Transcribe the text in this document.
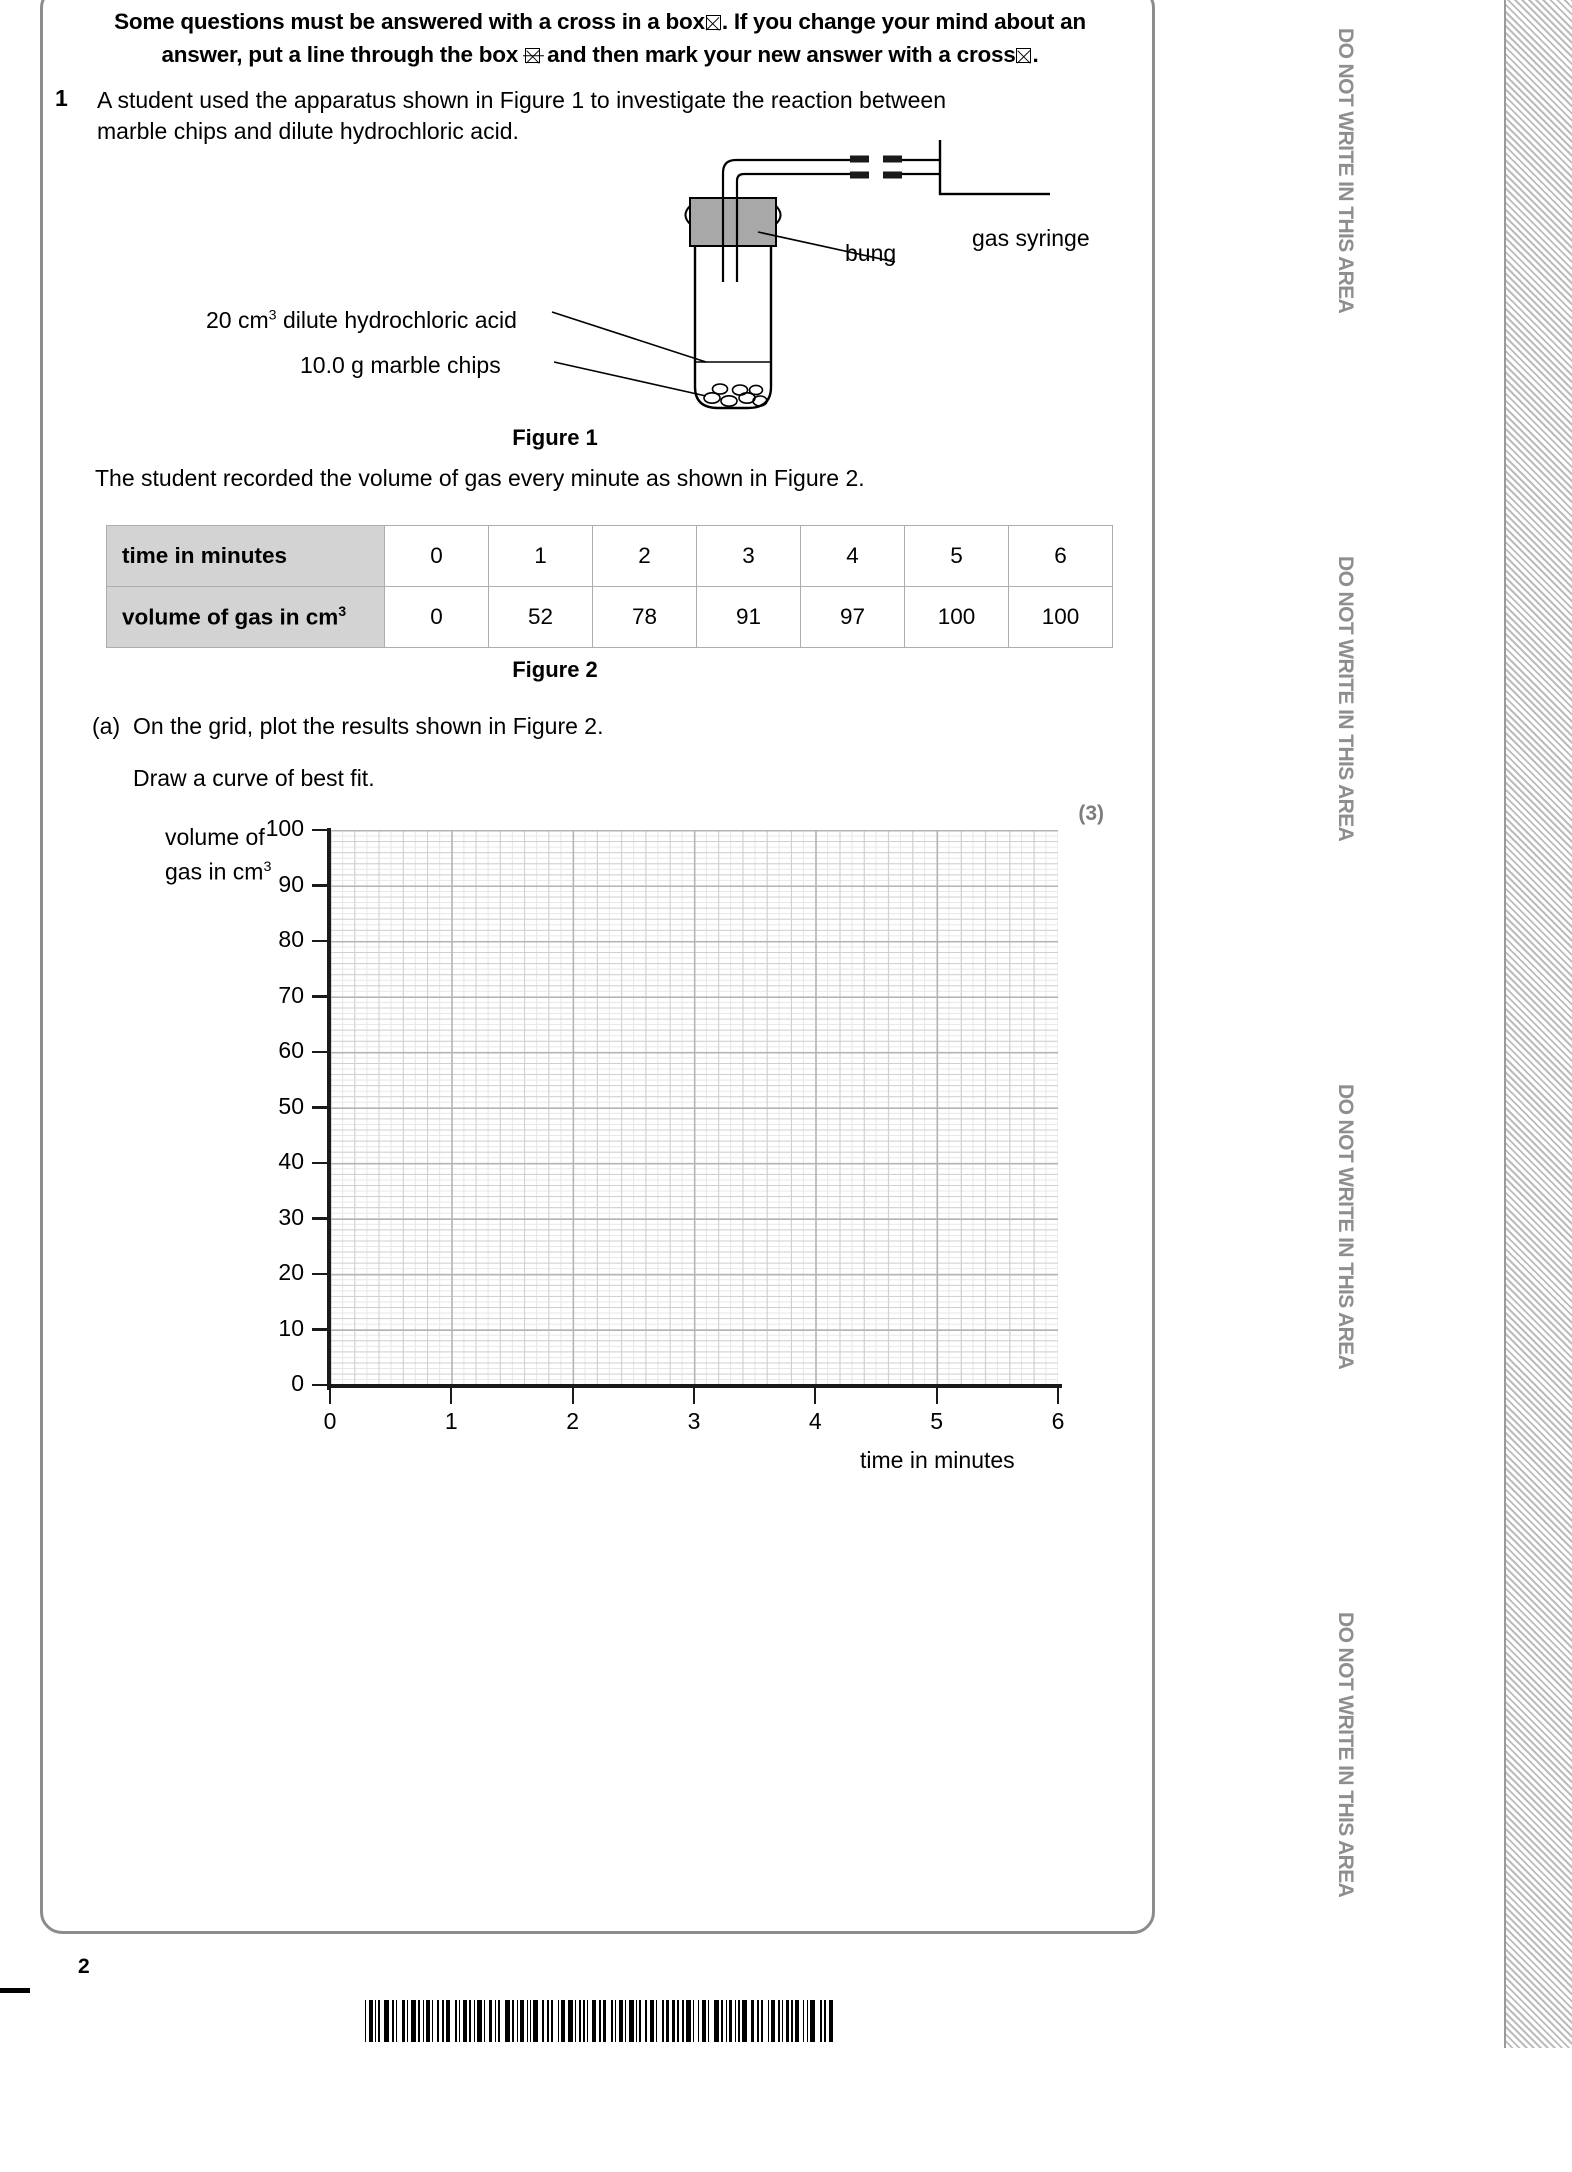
Some questions must be answered with a cross in a box☒. If you change your mind about an
answer, put a line through the box and then mark your new answer with a cross☒.
1 A student used the apparatus shown in Figure 1 to investigate the reaction between marble chips and dilute hydrochloric acid.
bung
gas syringe
20 $cm^3$ dilute hydrochloric acid
10.0 g marble chips
Figure 1
The student recorded the volume of gas every minute as shown in Figure 2.
time in minutes	0	1	2	3	4	5	6
volume of gas in $cm^3$	0	52	78	91	97	100	100
Figure 2
(a) On the grid, plot the results shown in Figure 2.
Draw a curve of best fit.
(3)
volume of
gas in $cm^3$
100
90
80
70
60
50
40
30
20
10
0
0	1	2	3	4	5	6
time in minutes
DO NOT WRITE IN THIS AREA
DO NOT WRITE IN THIS AREA
DO NOT WRITE IN THIS AREA
DO NOT WRITE IN THIS AREA
2
